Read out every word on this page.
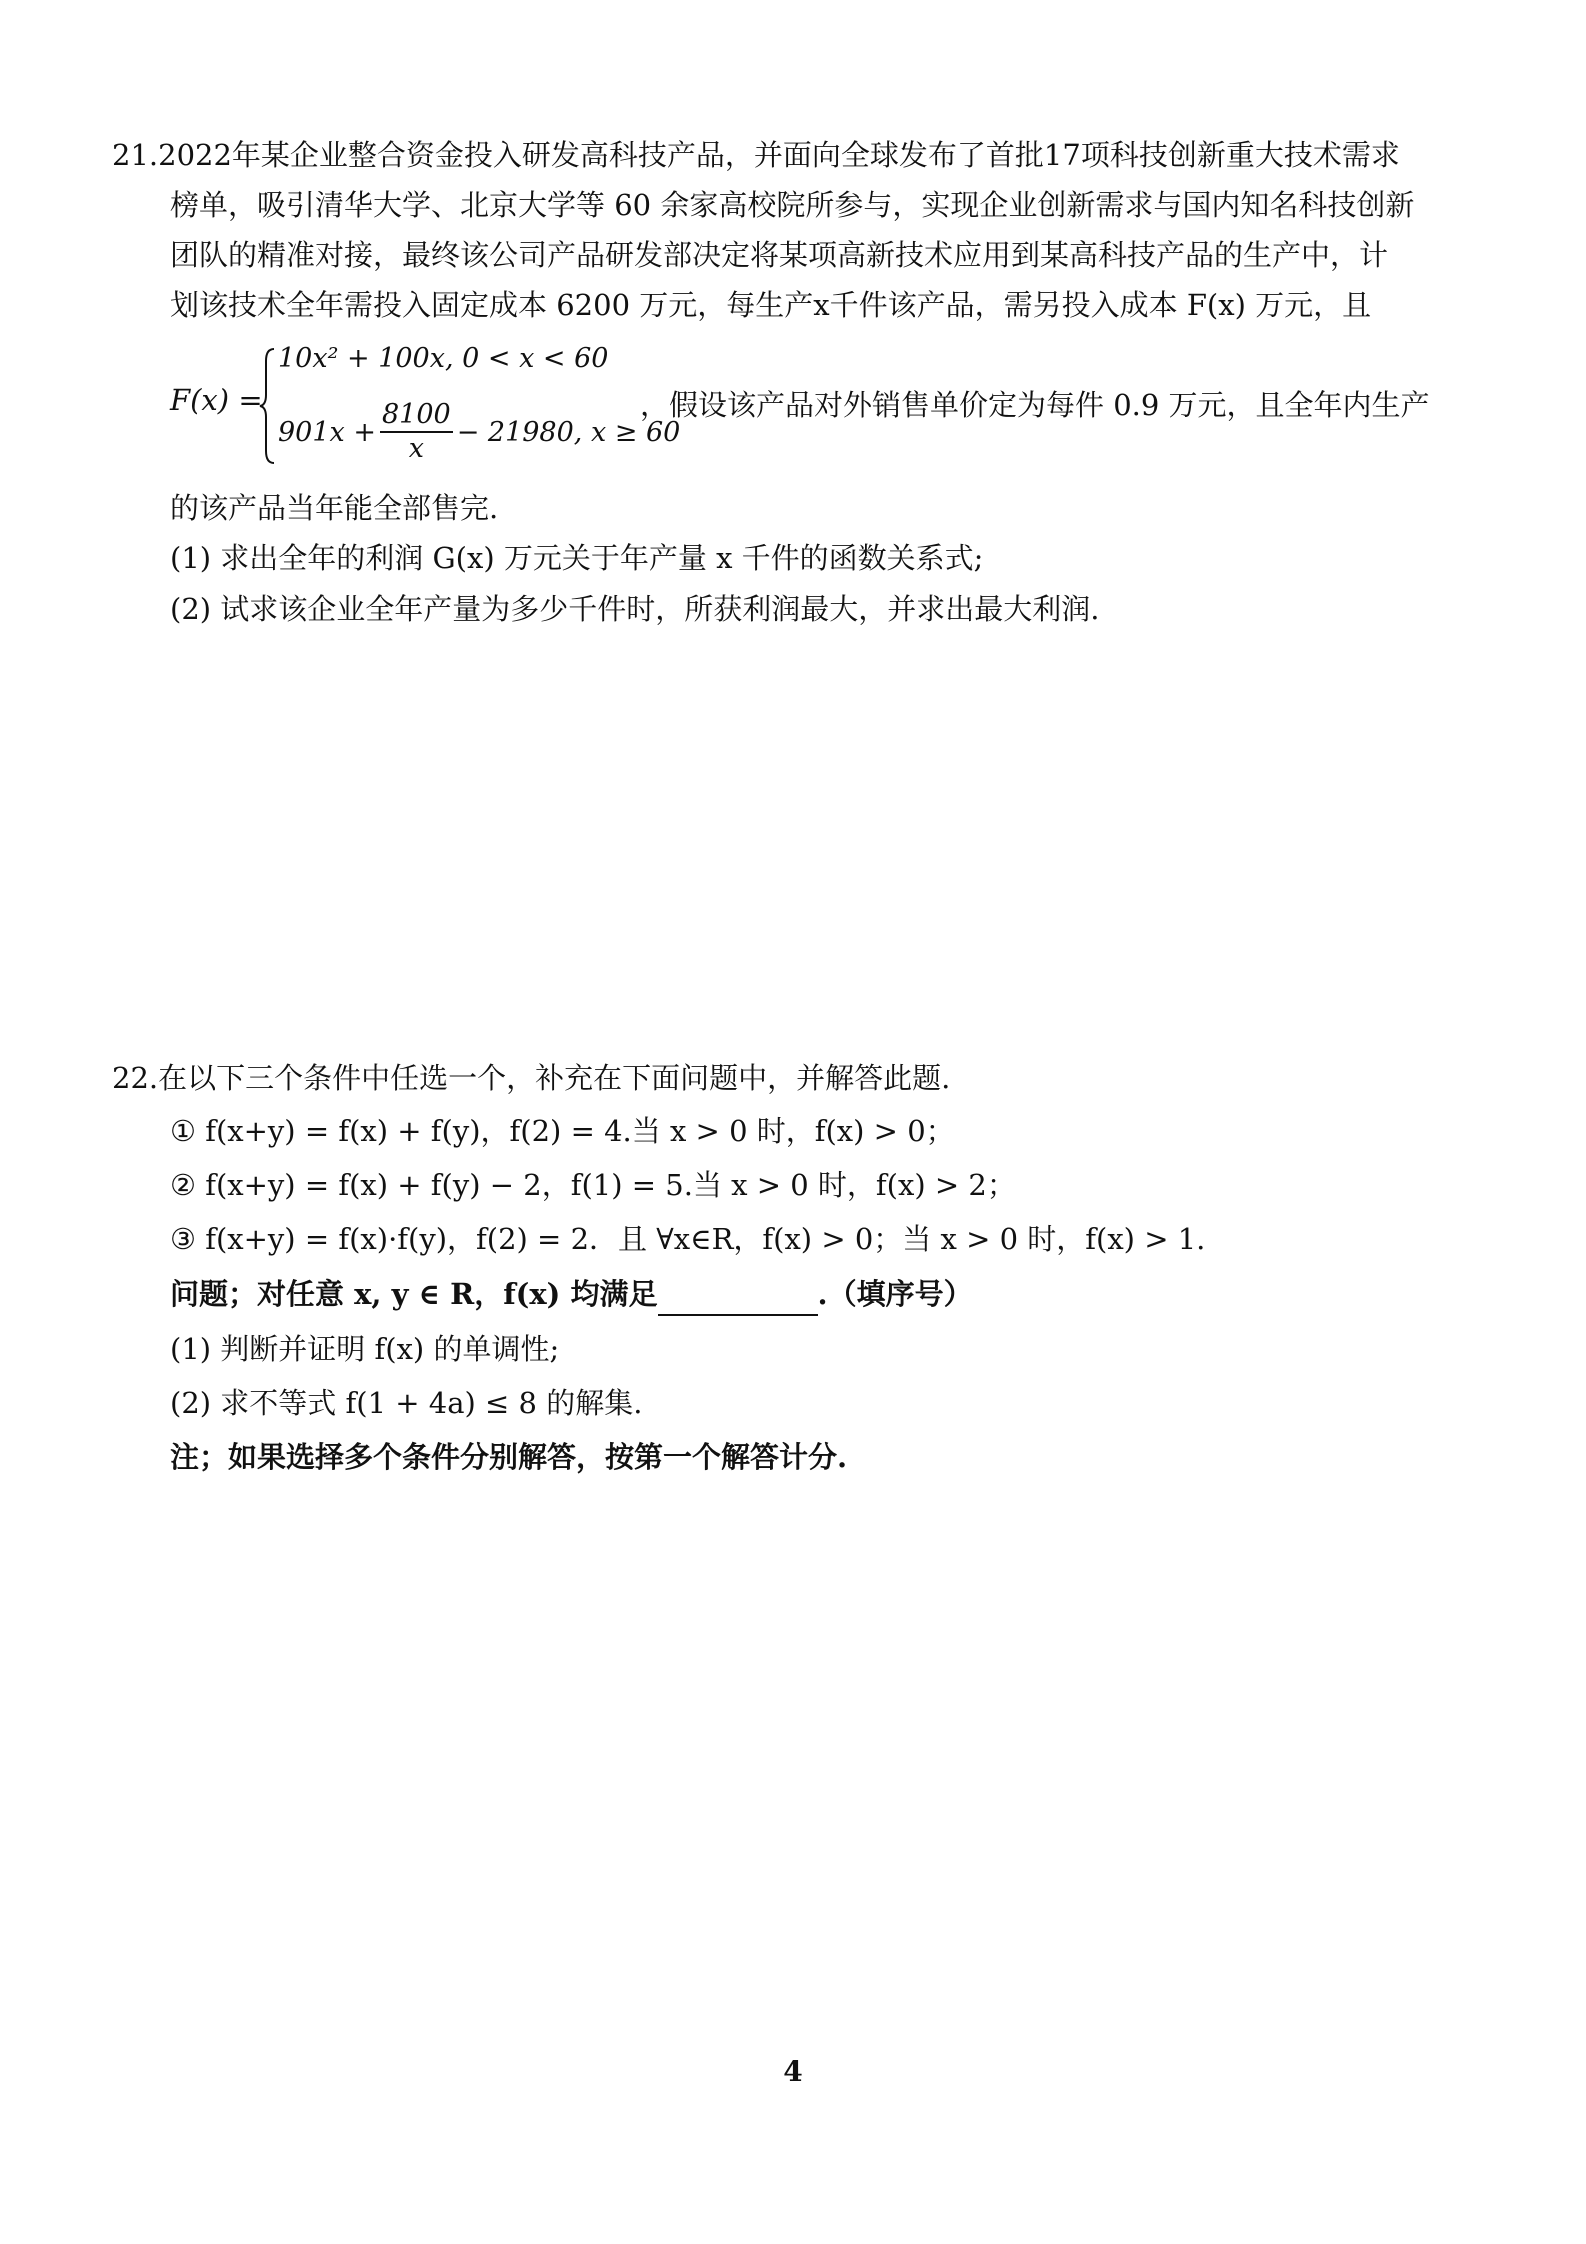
21.2022年某企业整合资金投入研发高科技产品，并面向全球发布了首批17项科技创新重大技术需求
榜单，吸引清华大学、北京大学等 60 余家高校院所参与，实现企业创新需求与国内知名科技创新
团队的精准对接，最终该公司产品研发部决定将某项高新技术应用到某高科技产品的生产中，计
划该技术全年需投入固定成本 6200 万元，每生产x千件该产品，需另投入成本 F(x) 万元，且
F(x) =
10x² + 100x, 0 < x < 60
$901x + \frac{8100}{x} - 21980$, x ≥ 60
，假设该产品对外销售单价定为每件 0.9 万元，且全年内生产
的该产品当年能全部售完.
(1) 求出全年的利润 G(x) 万元关于年产量 x 千件的函数关系式;
(2) 试求该企业全年产量为多少千件时，所获利润最大，并求出最大利润.
22.在以下三个条件中任选一个，补充在下面问题中，并解答此题.
① f(x+y) = f(x) + f(y)，f(2) = 4.当 x > 0 时，f(x) > 0；
② f(x+y) = f(x) + f(y) − 2，f(1) = 5.当 x > 0 时，f(x) > 2；
③ f(x+y) = f(x)·f(y)，f(2) = 2．且 ∀x∈R，f(x) > 0；当 x > 0 时，f(x) > 1.
问题；对任意 x, y ∈ R，f(x) 均满足	.（填序号）
(1) 判断并证明 f(x) 的单调性;
(2) 求不等式 f(1 + 4a) ≤ 8 的解集.
注；如果选择多个条件分别解答，按第一个解答计分.
4
